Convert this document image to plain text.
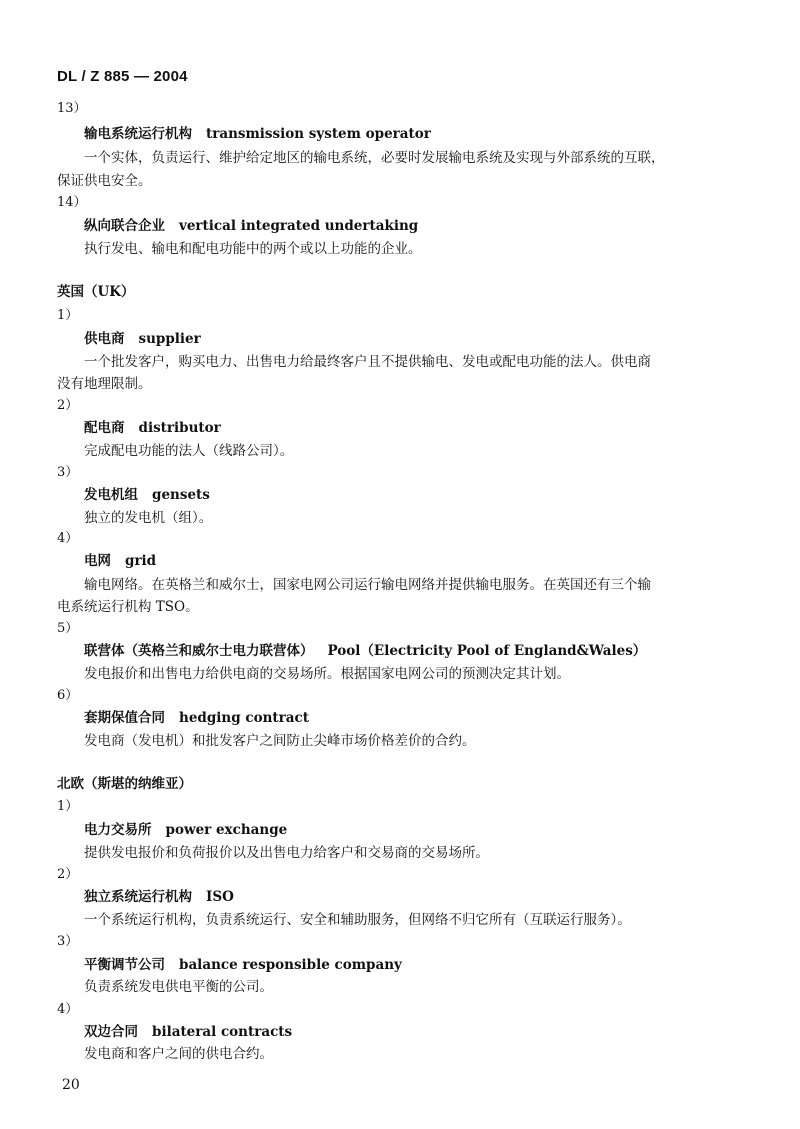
DL / Z 885 — 2004
13）
输电系统运行机构 transmission system operator
一个实体，负责运行、维护给定地区的输电系统，必要时发展输电系统及实现与外部系统的互联，
保证供电安全。
14）
纵向联合企业 vertical integrated undertaking
执行发电、输电和配电功能中的两个或以上功能的企业。
英国（UK）
1）
供电商 supplier
一个批发客户，购买电力、出售电力给最终客户且不提供输电、发电或配电功能的法人。供电商
没有地理限制。
2）
配电商 distributor
完成配电功能的法人（线路公司）。
3）
发电机组 gensets
独立的发电机（组）。
4）
电网 grid
输电网络。在英格兰和威尔士，国家电网公司运行输电网络并提供输电服务。在英国还有三个输
电系统运行机构 TSO。
5）
联营体（英格兰和威尔士电力联营体） Pool（Electricity Pool of England&Wales）
发电报价和出售电力给供电商的交易场所。根据国家电网公司的预测决定其计划。
6）
套期保值合同 hedging contract
发电商（发电机）和批发客户之间防止尖峰市场价格差价的合约。
北欧（斯堪的纳维亚）
1）
电力交易所 power exchange
提供发电报价和负荷报价以及出售电力给客户和交易商的交易场所。
2）
独立系统运行机构 ISO
一个系统运行机构，负责系统运行、安全和辅助服务，但网络不归它所有（互联运行服务）。
3）
平衡调节公司 balance responsible company
负责系统发电供电平衡的公司。
4）
双边合同 bilateral contracts
发电商和客户之间的供电合约。
20
